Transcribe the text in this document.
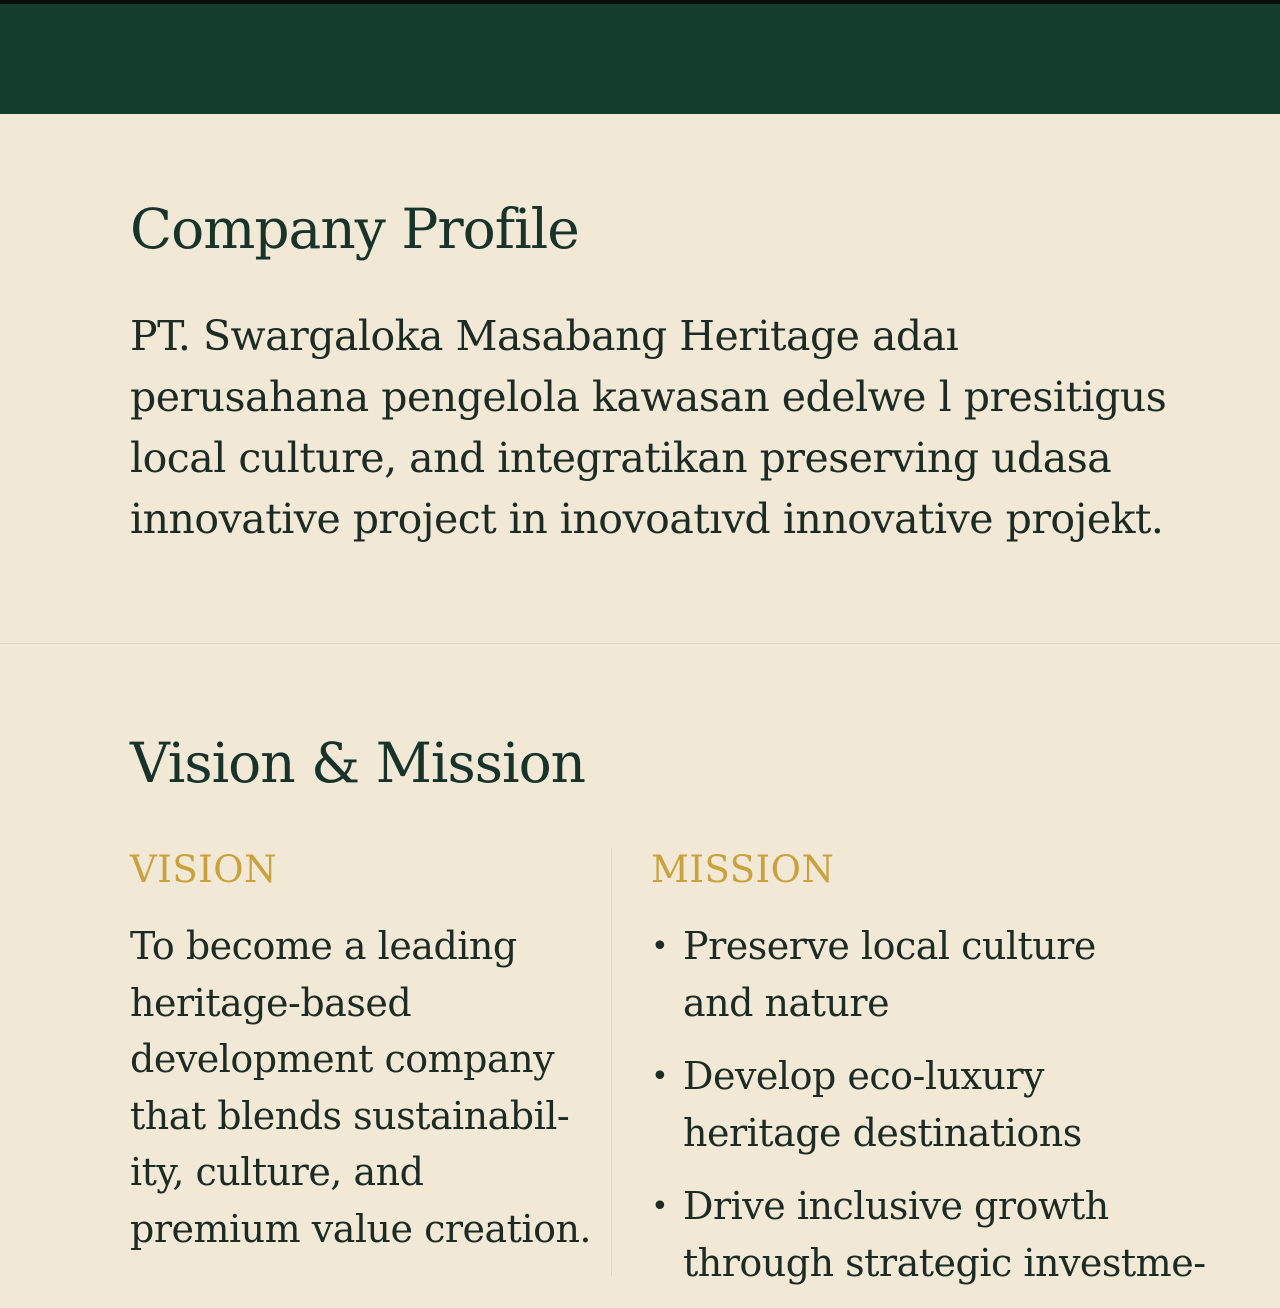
Company Profile
PT. Swargaloka Masabang Heritage adaı
perusahana pengelola kawasan edelwe l presitigus
local culture, and integratikan preserving udasa
innovative project in inovoatıvd innovative projekt.
Vision & Mission
VISION	MISSION
To become a leading
heritage-based
development company
that blends sustainabil-
ity, culture, and
premium value creation.
• Preserve local culture
and nature
• Develop eco-luxury
heritage destinations
• Drive inclusive growth
through strategic investme-
